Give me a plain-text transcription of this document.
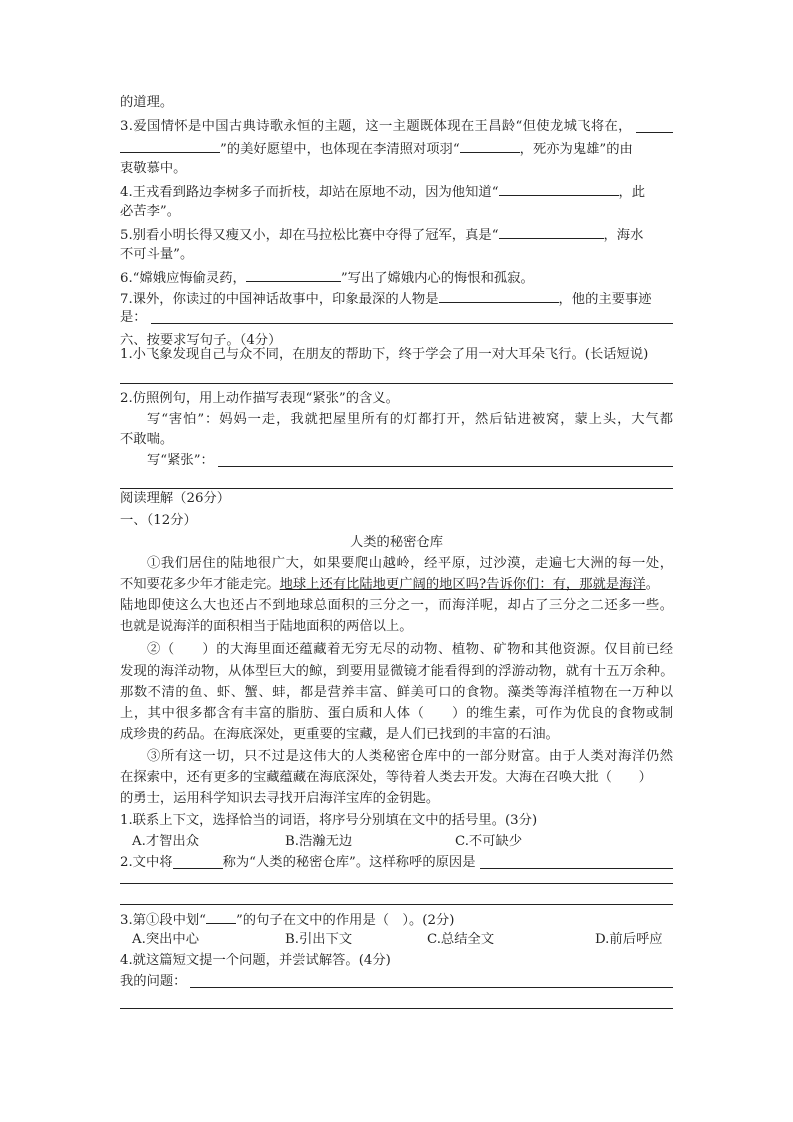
的道理。
3.爱国情怀是中国古典诗歌永恒的主题，这一主题既体现在王昌龄“但使龙城飞将在，
”的美好愿望中，也体现在李清照对项羽“	，死亦为鬼雄”的由
衷敬慕中。
4.王戎看到路边李树多子而折枝，却站在原地不动，因为他知道“	，此
必苦李”。
5.别看小明长得又瘦又小，却在马拉松比赛中夺得了冠军，真是“	，海水
不可斗量”。
6.“嫦娥应悔偷灵药，	”写出了嫦娥内心的悔恨和孤寂。
7.课外，你读过的中国神话故事中，印象最深的人物是	，他的主要事迹
是：
六、按要求写句子。（4分）
1.小飞象发现自己与众不同，在朋友的帮助下，终于学会了用一对大耳朵飞行。(长话短说)
2.仿照例句，用上动作描写表现“紧张”的含义。
写“害怕”：妈妈一走，我就把屋里所有的灯都打开，然后钻进被窝，蒙上头，大气都
不敢喘。
写“紧张”：
阅读理解（26分）
一、（12分）
人类的秘密仓库
①我们居住的陆地很广大，如果要爬山越岭，经平原，过沙漠，走遍七大洲的每一处，
不知要花多少年才能走完。地球上还有比陆地更广阔的地区吗?告诉你们：有，那就是海洋。
陆地即使这么大也还占不到地球总面积的三分之一，而海洋呢，却占了三分之二还多一些。
也就是说海洋的面积相当于陆地面积的两倍以上。
②（　　）的大海里面还蕴藏着无穷无尽的动物、植物、矿物和其他资源。仅目前已经
发现的海洋动物，从体型巨大的鲸，到要用显微镜才能看得到的浮游动物，就有十五万余种。
那数不清的鱼、虾、蟹、蚌，都是营养丰富、鲜美可口的食物。藻类等海洋植物在一万种以
上，其中很多都含有丰富的脂肪、蛋白质和人体（　　）的维生素，可作为优良的食物或制
成珍贵的药品。在海底深处，更重要的宝藏，是人们已找到的丰富的石油。
③所有这一切，只不过是这伟大的人类秘密仓库中的一部分财富。由于人类对海洋仍然
在探索中，还有更多的宝藏蕴藏在海底深处，等待着人类去开发。大海在召唤大批（　　）
的勇士，运用科学知识去寻找开启海洋宝库的金钥匙。
1.联系上下文，选择恰当的词语，将序号分别填在文中的括号里。(3分)
A.才智出众	B.浩瀚无边	C.不可缺少
2.文中将	称为“人类的秘密仓库”。这样称呼的原因是
3.第①段中划“ ”的句子在文中的作用是（　）。(2分)
A.突出中心	B.引出下文	C.总结全文	D.前后呼应
4.就这篇短文提一个问题，并尝试解答。(4分)
我的问题：
